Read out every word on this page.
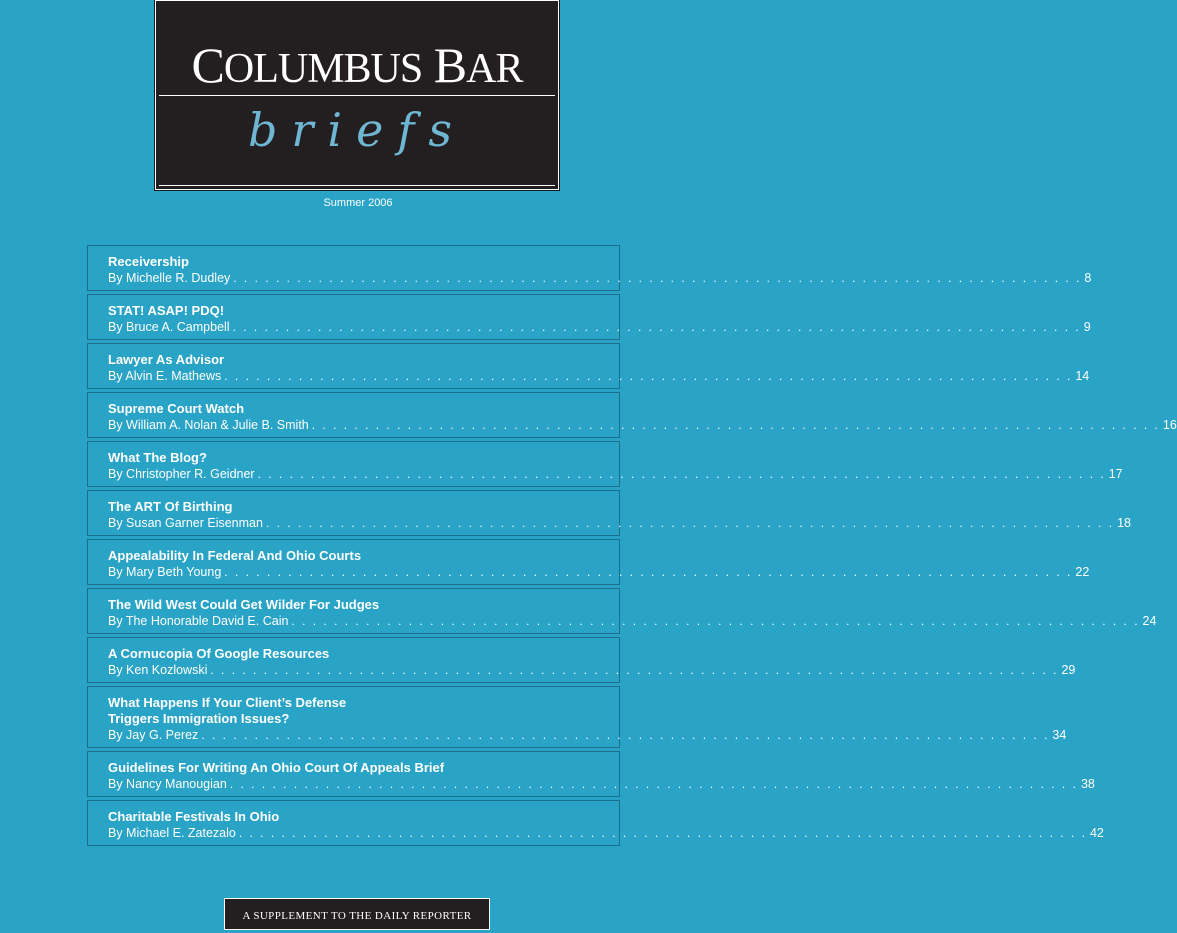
COLUMBUS BAR
briefs
Summer 2006
Receivership
By Michelle R. Dudley . . . . . . . . . . . . . . . . . . . . . . . . . . . . . . . . . . . . . . . . . . . . . . . . . . . . . . . . . . . . . . . . . . . . . . . . . . . . . . . . 8
STAT! ASAP! PDQ!
By Bruce A. Campbell . . . . . . . . . . . . . . . . . . . . . . . . . . . . . . . . . . . . . . . . . . . . . . . . . . . . . . . . . . . . . . . . . . . . . . . . . . . . . . . . 9
Lawyer As Advisor
By Alvin E. Mathews . . . . . . . . . . . . . . . . . . . . . . . . . . . . . . . . . . . . . . . . . . . . . . . . . . . . . . . . . . . . . . . . . . . . . . . . . . . . . . . . 14
Supreme Court Watch
By William A. Nolan & Julie B. Smith . . . . . . . . . . . . . . . . . . . . . . . . . . . . . . . . . . . . . . . . . . . . . . . . . . . . . . . . . . . . . . . . . . . . . . . . . . . . . . . . 16
What The Blog?
By Christopher R. Geidner . . . . . . . . . . . . . . . . . . . . . . . . . . . . . . . . . . . . . . . . . . . . . . . . . . . . . . . . . . . . . . . . . . . . . . . . . . . . . . . . 17
The ART Of Birthing
By Susan Garner Eisenman . . . . . . . . . . . . . . . . . . . . . . . . . . . . . . . . . . . . . . . . . . . . . . . . . . . . . . . . . . . . . . . . . . . . . . . . . . . . . . . . 18
Appealability In Federal And Ohio Courts
By Mary Beth Young . . . . . . . . . . . . . . . . . . . . . . . . . . . . . . . . . . . . . . . . . . . . . . . . . . . . . . . . . . . . . . . . . . . . . . . . . . . . . . . . 22
The Wild West Could Get Wilder For Judges
By The Honorable David E. Cain . . . . . . . . . . . . . . . . . . . . . . . . . . . . . . . . . . . . . . . . . . . . . . . . . . . . . . . . . . . . . . . . . . . . . . . . . . . . . . . . 24
A Cornucopia Of Google Resources
By Ken Kozlowski . . . . . . . . . . . . . . . . . . . . . . . . . . . . . . . . . . . . . . . . . . . . . . . . . . . . . . . . . . . . . . . . . . . . . . . . . . . . . . . . 29
What Happens If Your Client’s Defense
Triggers Immigration Issues?
By Jay G. Perez . . . . . . . . . . . . . . . . . . . . . . . . . . . . . . . . . . . . . . . . . . . . . . . . . . . . . . . . . . . . . . . . . . . . . . . . . . . . . . . . 34
Guidelines For Writing An Ohio Court Of Appeals Brief
By Nancy Manougian . . . . . . . . . . . . . . . . . . . . . . . . . . . . . . . . . . . . . . . . . . . . . . . . . . . . . . . . . . . . . . . . . . . . . . . . . . . . . . . . 38
Charitable Festivals In Ohio
By Michael E. Zatezalo . . . . . . . . . . . . . . . . . . . . . . . . . . . . . . . . . . . . . . . . . . . . . . . . . . . . . . . . . . . . . . . . . . . . . . . . . . . . . . . . 42
A SUPPLEMENT TO THE DAILY REPORTER
